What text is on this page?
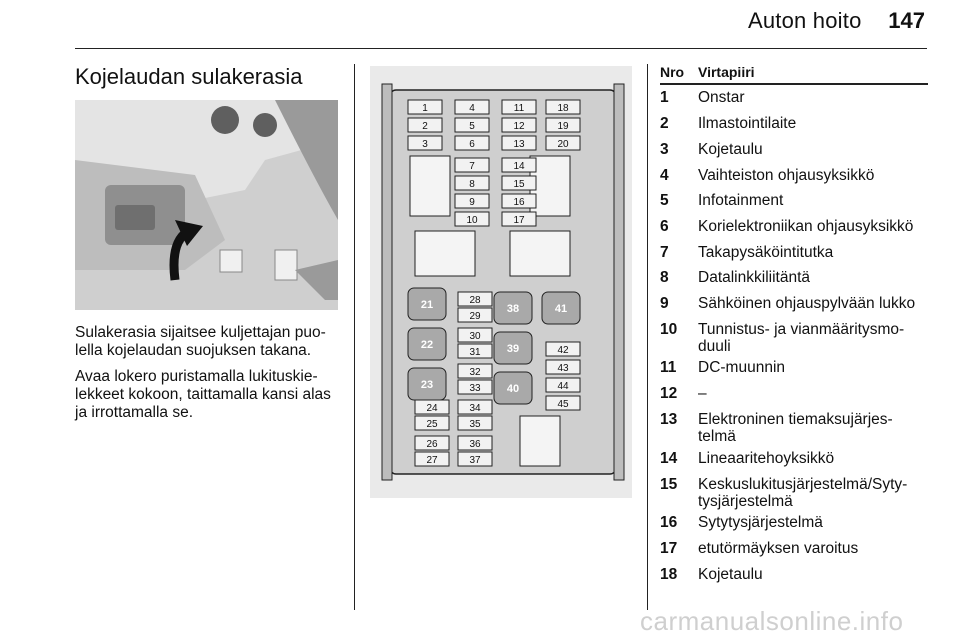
Auton hoito 147
Kojelaudan sulakerasia

Sulakerasia sijaitsee kuljettajan puo-
lella kojelaudan suojuksen takana.

Avaa lokero puristamalla lukituskie-
lekkeet kokoon, taittamalla kansi alas
ja irrottamalla se.

1
2
3
4
5
6
11
12
13
18
19
20
7
8
9
10
14
15
16
17
28
29
30
31
32
33
34
35
36
37
24
25
26
27
42
43
44
45
21
22
38	41
39
40
23
Nro Virtapiiri
1	Onstar
2	Ilmastointilaite
3	Kojetaulu
4	Vaihteiston ohjausyksikkö
5	Infotainment
6	Korielektroniikan ohjausyksikkö
7	Takapysäköintitutka
8	Datalinkkiliitäntä
9	Sähköinen ohjauspylvään lukko
10	Tunnistus- ja vianmääritysmo-
duuli
11	DC-muunnin
12	–
13	Elektroninen tiemaksujärjes-
telmä
14	Lineaaritehoyksikkö
15	Keskuslukitusjärjestelmä/Syty-
tysjärjestelmä
16	Sytytysjärjestelmä
17	etutörmäyksen varoitus
18	Kojetaulu
carmanualsonline.info
